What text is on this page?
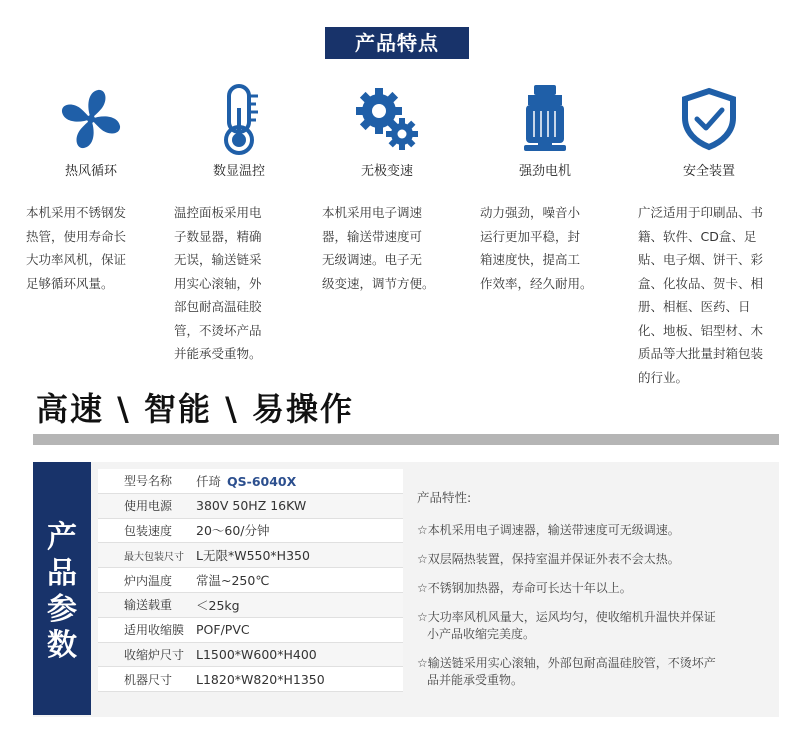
产品特点
热风循环
本机采用不锈钢发
热管，使用寿命长
大功率风机，保证
足够循环风量。
数显温控
温控面板采用电
子数显器，精确
无误，输送链采
用实心滚轴，外
部包耐高温硅胶
管，不烫坏产品
并能承受重物。
无极变速
本机采用电子调速
器，输送带速度可
无级调速。电子无
级变速，调节方便。
强劲电机
动力强劲，噪音小
运行更加平稳，封
箱速度快，提高工
作效率，经久耐用。
安全装置
广泛适用于印刷品、书
籍、软件、CD盒、足
贴、电子烟、饼干、彩
盒、化妆品、贺卡、相
册、相框、医药、日
化、地板、铝型材、木
质品等大批量封箱包装
的行业。
高速 \ 智能 \ 易操作
产
品
参
数
型号名称	仟琦 QS-6040X
使用电源	380V 50HZ 16KW
包装速度	20～60/分钟
最大包装尺寸 L无限*W550*H350
炉内温度	常温~250℃
输送载重	＜25kg
适用收缩膜 POF/PVC
收缩炉尺寸 L1500*W600*H400
机器尺寸	L1820*W820*H1350
产品特性:
☆本机采用电子调速器，输送带速度可无级调速。
☆双层隔热装置，保持室温并保证外表不会太热。
☆不锈钢加热器，寿命可长达十年以上。
☆大功率风机风量大，运风均匀，使收缩机升温快并保证
小产品收缩完美度。
☆输送链采用实心滚轴，外部包耐高温硅胶管，不烫坏产
品并能承受重物。
